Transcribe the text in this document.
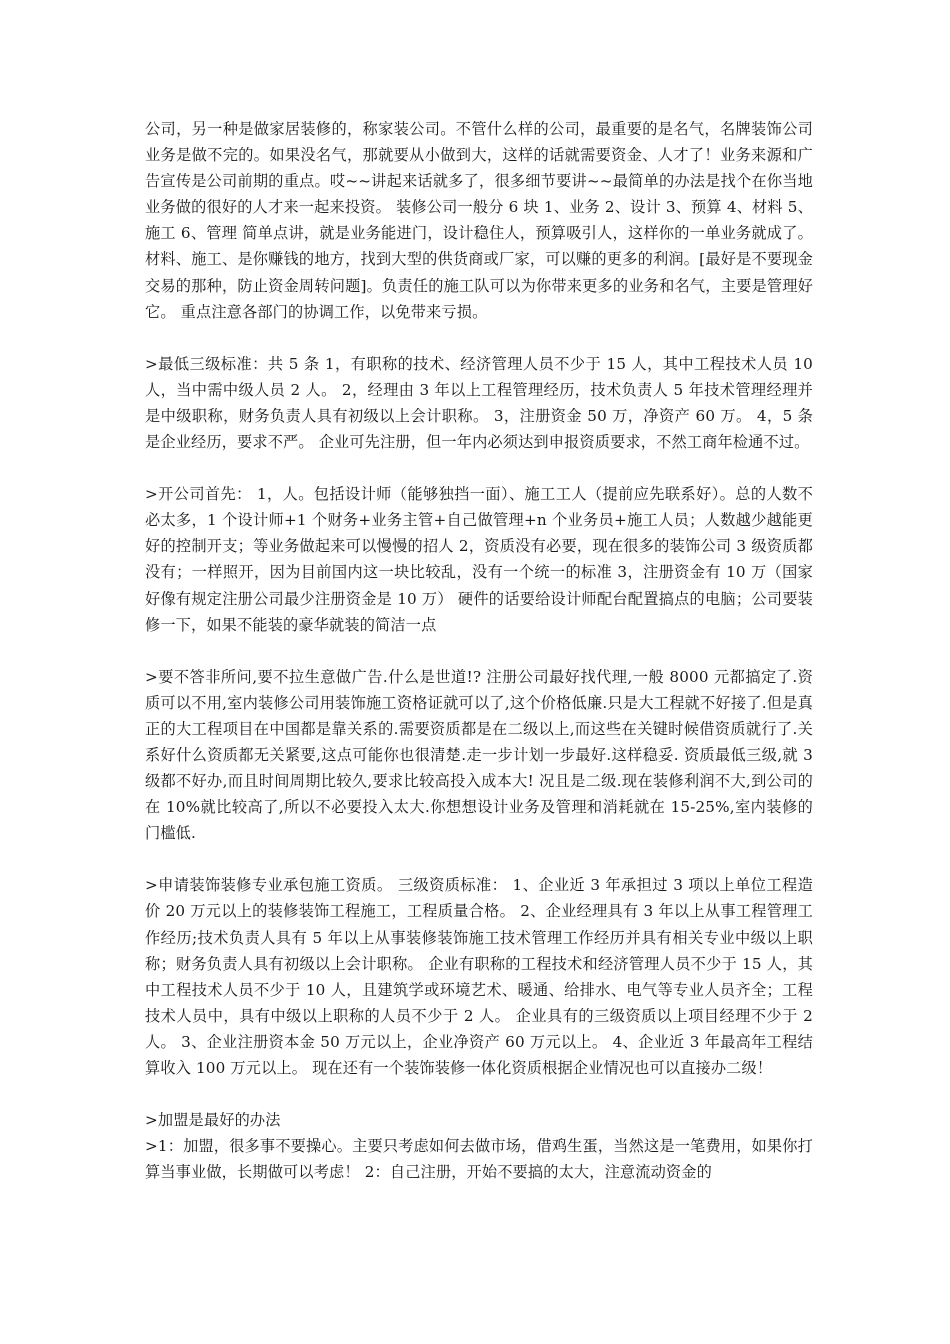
公司，另一种是做家居装修的，称家装公司。不管什么样的公司，最重要的是名气，名牌装饰公司业务是做不完的。如果没名气，那就要从小做到大，这样的话就需要资金、人才了！业务来源和广告宣传是公司前期的重点。哎~~讲起来话就多了，很多细节要讲~~最简单的办法是找个在你当地业务做的很好的人才来一起来投资。 装修公司一般分 6 块 1、业务 2、设计 3、预算 4、材料 5、施工 6、管理 简单点讲，就是业务能进门，设计稳住人，预算吸引人，这样你的一单业务就成了。材料、施工、是你赚钱的地方，找到大型的供货商或厂家，可以赚的更多的利润。[最好是不要现金交易的那种，防止资金周转问题]。负责任的施工队可以为你带来更多的业务和名气，主要是管理好它。 重点注意各部门的协调工作，以免带来亏损。

>最低三级标准：共 5 条 1，有职称的技术、经济管理人员不少于 15 人，其中工程技术人员 10 人，当中需中级人员 2 人。 2，经理由 3 年以上工程管理经历，技术负责人 5 年技术管理经理并是中级职称，财务负责人具有初级以上会计职称。 3，注册资金 50 万，净资产 60 万。 4，5 条是企业经历，要求不严。 企业可先注册，但一年内必须达到申报资质要求，不然工商年检通不过。

>开公司首先： 1，人。包括设计师（能够独挡一面）、施工工人（提前应先联系好）。总的人数不必太多，1 个设计师+1 个财务+业务主管+自己做管理+n 个业务员+施工人员；人数越少越能更好的控制开支；等业务做起来可以慢慢的招人 2，资质没有必要，现在很多的装饰公司 3 级资质都没有；一样照开，因为目前国内这一块比较乱，没有一个统一的标准 3，注册资金有 10 万（国家好像有规定注册公司最少注册资金是 10 万） 硬件的话要给设计师配台配置搞点的电脑；公司要装修一下，如果不能装的豪华就装的简洁一点

>要不答非所问,要不拉生意做广告.什么是世道!? 注册公司最好找代理,一般 8000 元都搞定了.资质可以不用,室内装修公司用装饰施工资格证就可以了,这个价格低廉.只是大工程就不好接了.但是真正的大工程项目在中国都是靠关系的.需要资质都是在二级以上,而这些在关键时候借资质就行了.关系好什么资质都无关紧要,这点可能你也很清楚.走一步计划一步最好.这样稳妥. 资质最低三级,就 3 级都不好办,而且时间周期比较久,要求比较高投入成本大! 况且是二级.现在装修利润不大,到公司的在 10%就比较高了,所以不必要投入太大.你想想设计业务及管理和消耗就在 15-25%,室内装修的门槛低.

>申请装饰装修专业承包施工资质。 三级资质标准： 1、企业近 3 年承担过 3 项以上单位工程造价 20 万元以上的装修装饰工程施工，工程质量合格。 2、企业经理具有 3 年以上从事工程管理工作经历;技术负责人具有 5 年以上从事装修装饰施工技术管理工作经历并具有相关专业中级以上职称；财务负责人具有初级以上会计职称。 企业有职称的工程技术和经济管理人员不少于 15 人，其中工程技术人员不少于 10 人，且建筑学或环境艺术、暖通、给排水、电气等专业人员齐全；工程技术人员中，具有中级以上职称的人员不少于 2 人。 企业具有的三级资质以上项目经理不少于 2 人。 3、企业注册资本金 50 万元以上，企业净资产 60 万元以上。 4、企业近 3 年最高年工程结算收入 100 万元以上。 现在还有一个装饰装修一体化资质根据企业情况也可以直接办二级！

>加盟是最好的办法

>1：加盟，很多事不要操心。主要只考虑如何去做市场，借鸡生蛋，当然这是一笔费用，如果你打算当事业做，长期做可以考虑！ 2：自己注册，开始不要搞的太大，注意流动资金的
